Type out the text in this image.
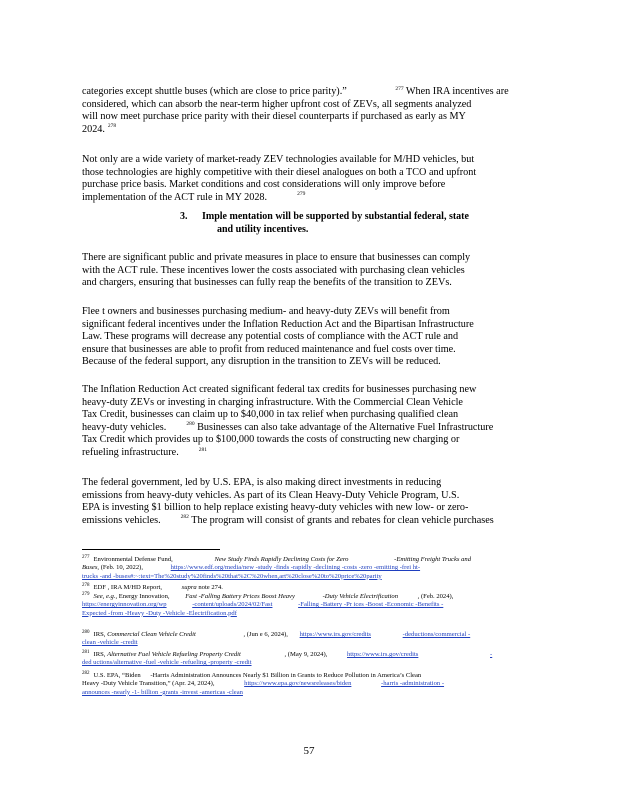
categories except shuttle buses (which are close to price parity).”	$^{277}$ When IRA incentives are
considered, which can absorb the near-term higher upfront cost of ZEVs, all segments analyzed
will now meet purchase price parity with their diesel counterparts if purchased as early as MY
2024. $^{278}$
Not only are a wide variety of market-ready ZEV technologies available for M/HD vehicles, but
those technologies are highly competitive with their diesel analogues on both a TCO and upfront
purchase price basis. Market conditions and cost considerations will only improve before
implementation of the ACT rule in MY 2028.	$^{279}$
3. Imple mentation will be supported by substantial federal, state
and utility incentives.
There are significant public and private measures in place to ensure that businesses can comply
with the ACT rule. These incentives lower the costs associated with purchasing clean vehicles
and chargers, ensuring that businesses can fully reap the benefits of the transition to ZEVs.
Flee t owners and businesses purchasing medium- and heavy-duty ZEVs will benefit from
significant federal incentives under the Inflation Reduction Act and the Bipartisan Infrastructure
Law. These programs will decrease any potential costs of compliance with the ACT rule and
ensure that businesses are able to profit from reduced maintenance and fuel costs over time.
Because of the federal support, any disruption in the transition to ZEVs will be reduced.
The Inflation Reduction Act created significant federal tax credits for businesses purchasing new
heavy-duty ZEVs or investing in charging infrastructure. With the Commercial Clean Vehicle
Tax Credit, businesses can claim up to $40,000 in tax relief when purchasing qualified clean
heavy-duty vehicles.	$^{280}$ Businesses can also take advantage of the Alternative Fuel Infrastructure
Tax Credit which provides up to $100,000 towards the costs of constructing new charging or
refueling infrastructure.	$^{281}$
The federal government, led by U.S. EPA, is also making direct investments in reducing
emissions from heavy-duty vehicles. As part of its Clean Heavy-Duty Vehicle Program, U.S.
EPA is investing $1 billion to help replace existing heavy-duty vehicles with new low- or zero-
emissions vehicles.	$^{282}$ The program will consist of grants and rebates for clean vehicle purchases
$^{277}$ Environmental Defense Fund,	New Study Finds Rapidly Declining Costs for Zero	-Emitting Freight Trucks and
Buses, (Feb. 10, 2022),	https://www.edf.org/media/new -study -finds -rapidly -declining -costs -zero -emitting -frei ht-
trucks -and -buses#:~:text=The%20study%20finds%20that%2C%20when,art%20close%20to%20price%20parity
$^{278}$ EDF , IRA M/HD Report,	supra note 274.
$^{279}$ See, e.g., Energy Innovation, Fast -Falling Battery Prices Boost Heavy	-Duty Vehicle Electrification	, (Feb. 2024),
https://energyinnovation.org/wp	-content/uploads/2024/02/Fast	-Falling -Battery -Pr ices -Boost -Economic -Benefits -
Expected -from -Heavy -Duty -Vehicle -Electrification.pdf
$^{280}$ IRS, Commercial Clean Vehicle Credit	, (Jun e 6, 2024), https://www.irs.gov/credits	-deductions/commercial -
clean -vehicle -credit
$^{281}$ IRS, Alternative Fuel Vehicle Refueling Property Credit	, (May 9, 2024),	https://www.irs.gov/credits	-
ded uctions/alternative -fuel -vehicle -refueling -property -credit
$^{282}$ U.S. EPA, “Biden -Harris Administration Announces Nearly $1 Billion in Grants to Reduce Pollution in America’s Clean
Heavy -Duty Vehicle Transition,” (Apr. 24, 2024),	https://www.epa.gov/newsreleases/biden	-harris -administration -
announces -nearly -1- billion -grants -invest -americas -clean
57
